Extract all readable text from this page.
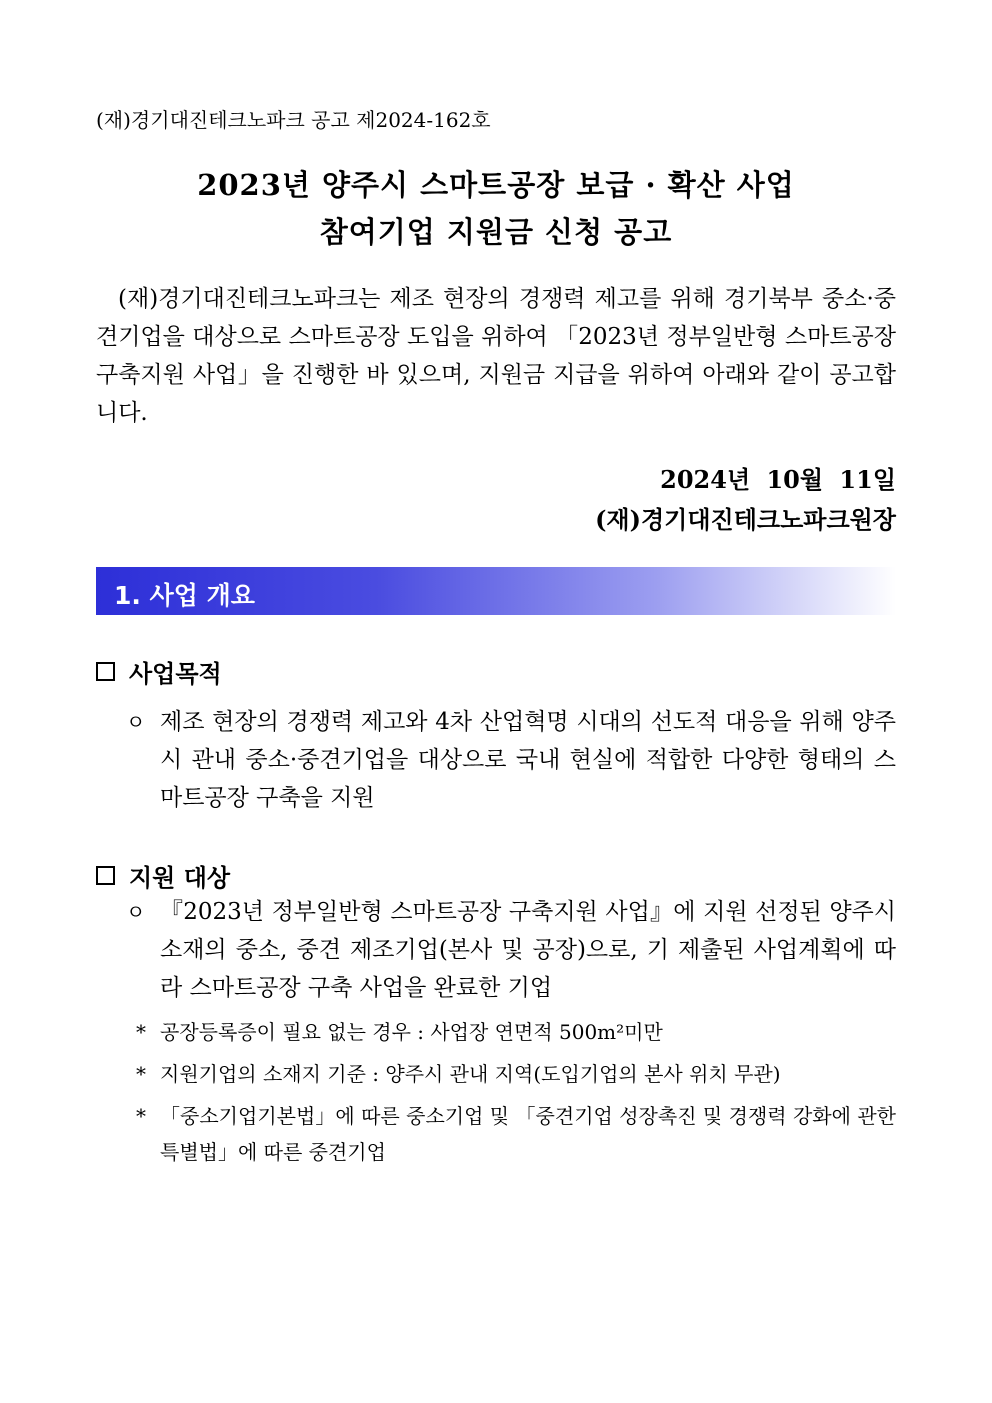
(재)경기대진테크노파크 공고 제2024-162호
2023년 양주시 스마트공장 보급 · 확산 사업
참여기업 지원금 신청 공고

(재)경기대진테크노파크는 제조 현장의 경쟁력 제고를 위해 경기북부 중소·중견기업을 대상으로 스마트공장 도입을 위하여 「2023년 정부일반형 스마트공장 구축지원 사업」을 진행한 바 있으며, 지원금 지급을 위하여 아래와 같이 공고합니다.

2024년 10월 11일
(재)경기대진테크노파크원장
1. 사업 개요
사업목적

ㅇ 제조 현장의 경쟁력 제고와 4차 산업혁명 시대의 선도적 대응을 위해 양주시 관내 중소·중견기업을 대상으로 국내 현실에 적합한 다양한 형태의 스마트공장 구축을 지원

지원 대상

ㅇ 『2023년 정부일반형 스마트공장 구축지원 사업』에 지원 선정된 양주시 소재의 중소, 중견 제조기업(본사 및 공장)으로, 기 제출된 사업계획에 따라 스마트공장 구축 사업을 완료한 기업

* 공장등록증이 필요 없는 경우 : 사업장 연면적 500m²미만

* 지원기업의 소재지 기준 : 양주시 관내 지역(도입기업의 본사 위치 무관)

* 「중소기업기본법」에 따른 중소기업 및 「중견기업 성장촉진 및 경쟁력 강화에 관한 특별법」에 따른 중견기업
